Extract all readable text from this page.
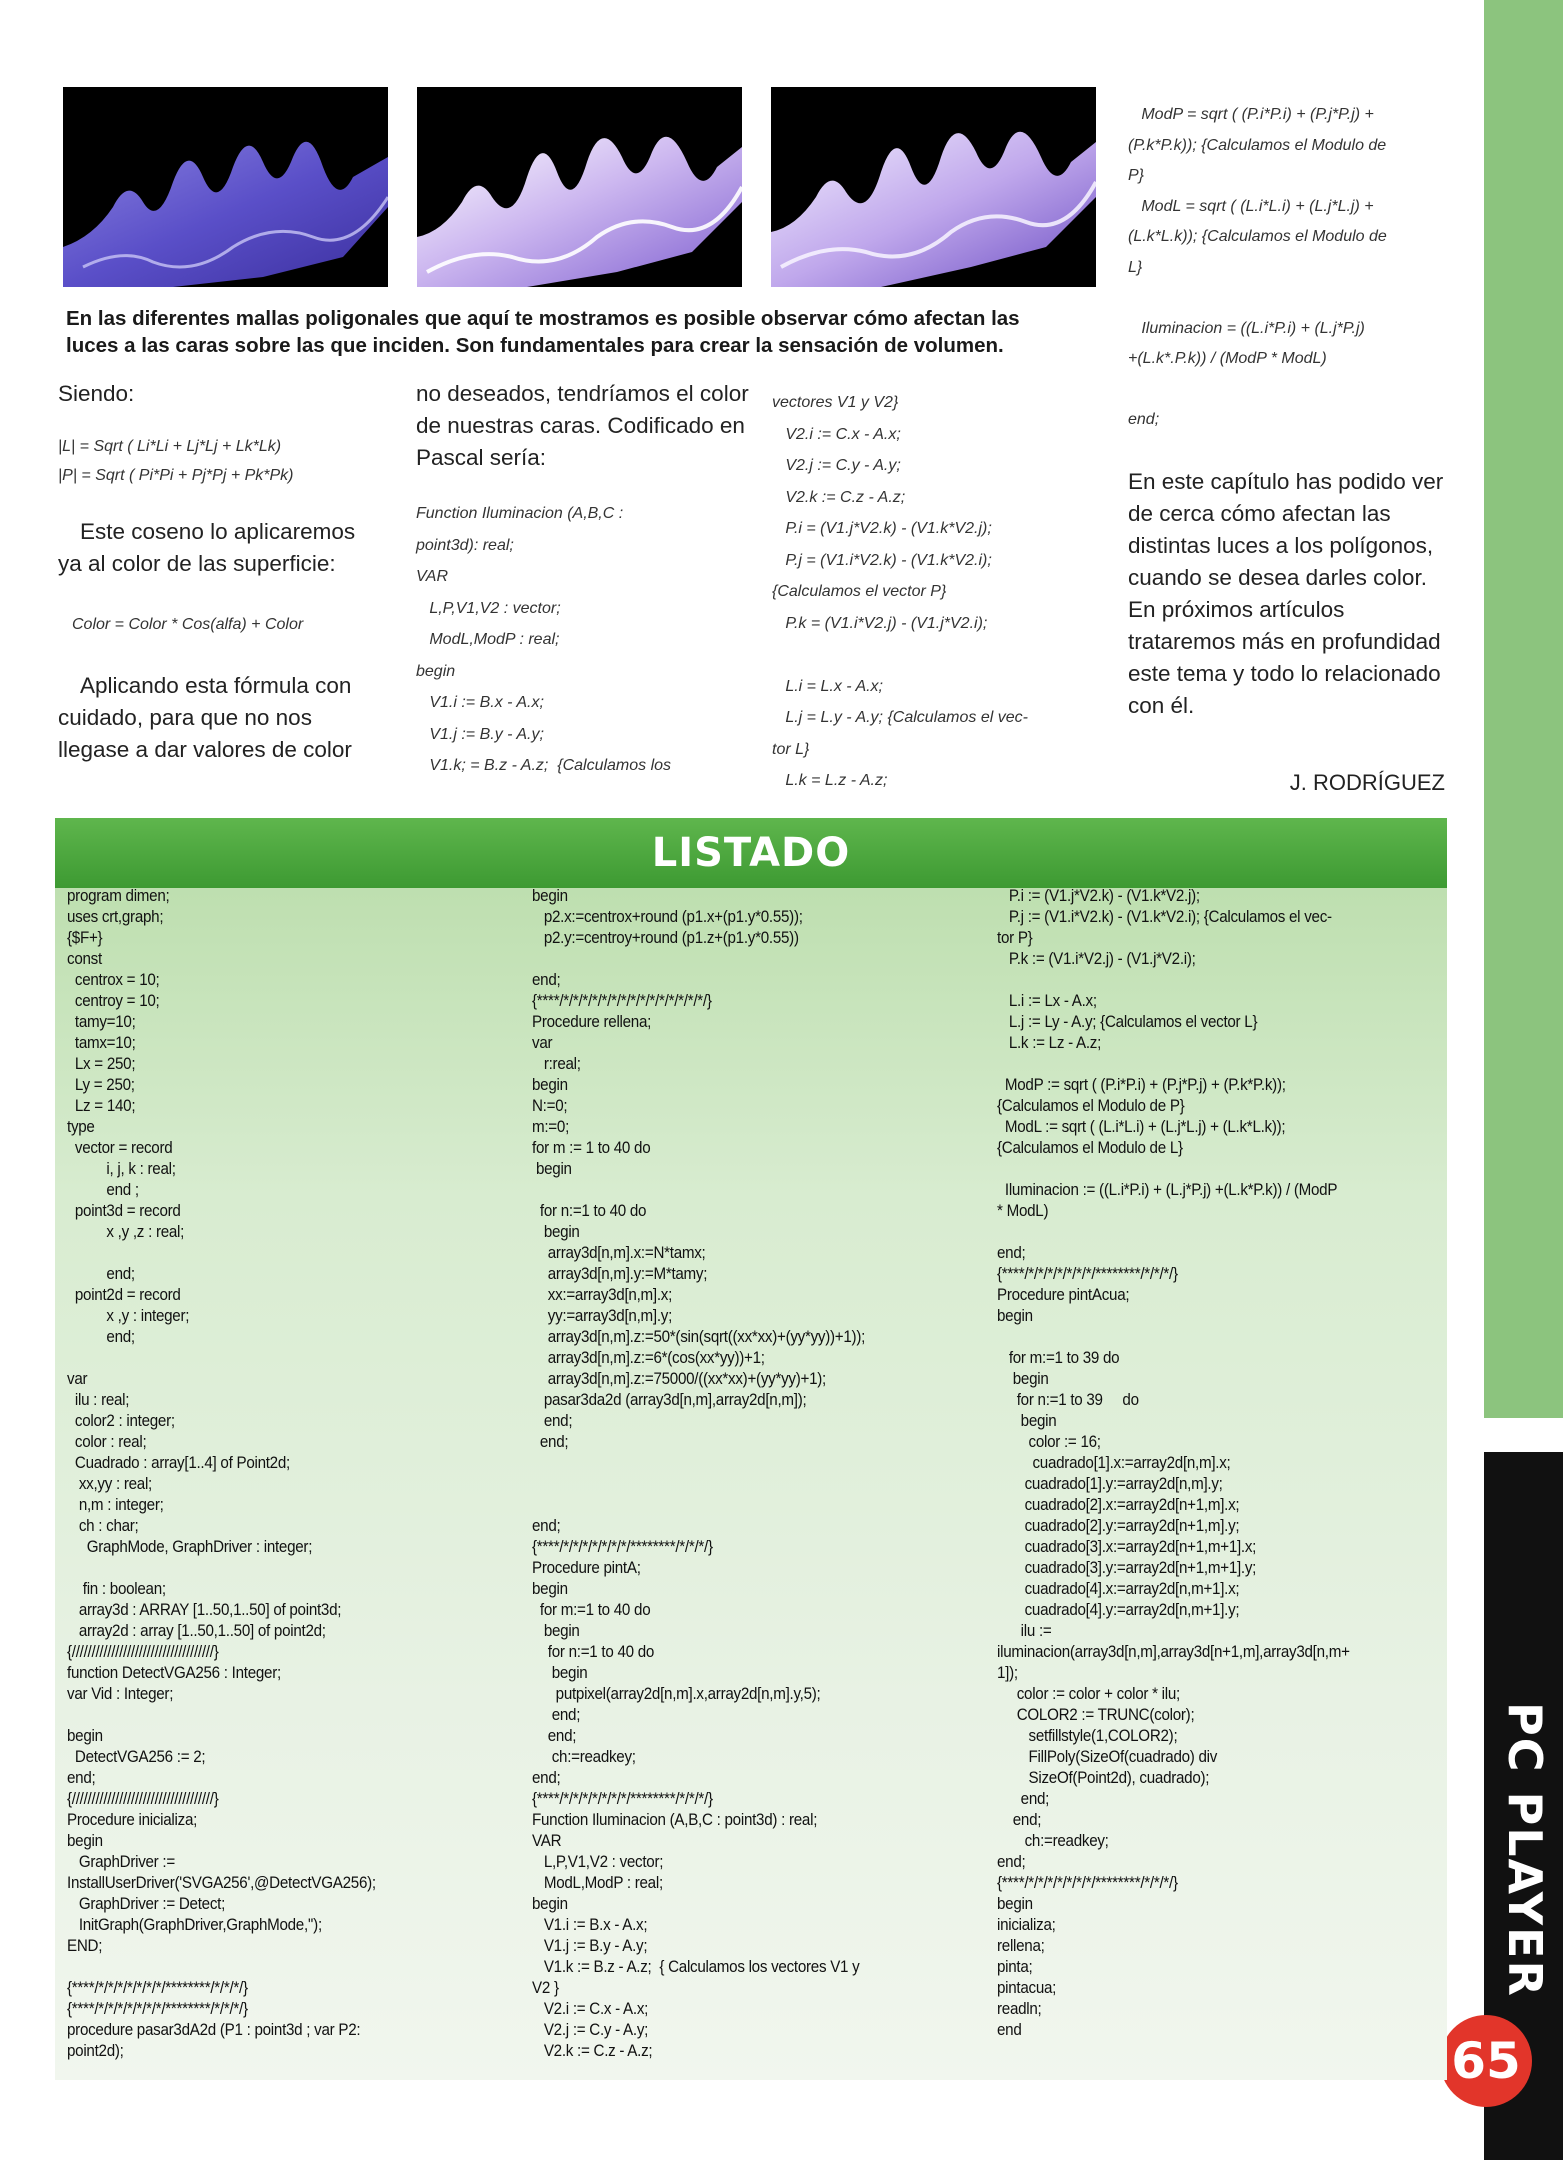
PC PLAYER
65
En las diferentes mallas poligonales que aquí te mostramos es posible observar cómo afectan las luces a las caras sobre las que inciden. Son fundamentales para crear la sensación de volumen.

Siendo:

|L| = Sqrt ( Li*Li + Lj*Lj + Lk*Lk)

|P| = Sqrt ( Pi*Pi + Pj*Pj + Pk*Pk)

Este coseno lo aplicaremos ya al color de las superficie:

Color = Color * Cos(alfa) + Color

Aplicando esta fórmula con cuidado, para que no nos llegase a dar valores de color

no deseados, tendríamos el color de nuestras caras. Codificado en Pascal sería:

Function Iluminacion (A,B,C :
point3d): real;
VAR
L,P,V1,V2 : vector;
ModL,ModP : real;
begin
V1.i := B.x - A.x;
V1.j := B.y - A.y;
V1.k; = B.z - A.z;  {Calculamos los
vectores V1 y V2}
V2.i := C.x - A.x;
V2.j := C.y - A.y;
V2.k := C.z - A.z;
P.i = (V1.j*V2.k) - (V1.k*V2.j);
P.j = (V1.i*V2.k) - (V1.k*V2.i);
{Calculamos el vector P}
P.k = (V1.i*V2.j) - (V1.j*V2.i);

L.i = L.x - A.x;
L.j = L.y - A.y; {Calculamos el vec-
tor L}
L.k = L.z - A.z;
ModP = sqrt ( (P.i*P.i) + (P.j*P.j) +
(P.k*P.k)); {Calculamos el Modulo de
P}
ModL = sqrt ( (L.i*L.i) + (L.j*L.j) +
(L.k*L.k)); {Calculamos el Modulo de
L}

Iluminacion = ((L.i*P.i) + (L.j*P.j)
+(L.k*.P.k)) / (ModP * ModL)

end;

En este capítulo has podido ver de cerca cómo afectan las distintas luces a los polígonos, cuando se desea darles color. En próximos artículos trataremos más en profundidad este tema y todo lo relacionado con él.

J. RODRÍGUEZ
LISTADO
program dimen;
uses crt,graph;
{$F+}
const
centrox = 10;
centroy = 10;
tamy=10;
tamx=10;
Lx = 250;
Ly = 250;
Lz = 140;
type
vector = record
i, j, k : real;
end ;
point3d = record
x ,y ,z : real;

end;
point2d = record
x ,y : integer;
end;

var
ilu : real;
color2 : integer;
color : real;
Cuadrado : array[1..4] of Point2d;
xx,yy : real;
n,m : integer;
ch : char;
GraphMode, GraphDriver : integer;

fin : boolean;
array3d : ARRAY [1..50,1..50] of point3d;
array2d : array [1..50,1..50] of point2d;
{////////////////////////////////////}
function DetectVGA256 : Integer;
var Vid : Integer;

begin
DetectVGA256 := 2;
end;
{////////////////////////////////////}
Procedure inicializa;
begin
GraphDriver :=
InstallUserDriver('SVGA256',@DetectVGA256);
GraphDriver := Detect;
InitGraph(GraphDriver,GraphMode,'');
END;

{****/*/*/*/*/*/*/*/********/*/*/*/}
{****/*/*/*/*/*/*/*/********/*/*/*/}
procedure pasar3dA2d (P1 : point3d ; var P2:
point2d);
begin
p2.x:=centrox+round (p1.x+(p1.y*0.55));
p2.y:=centroy+round (p1.z+(p1.y*0.55))

end;
{****/*/*/*/*/*/*/*/*/*/*/*/*/*/*/*/}
Procedure rellena;
var
r:real;
begin
N:=0;
m:=0;
for m := 1 to 40 do
begin

for n:=1 to 40 do
begin
array3d[n,m].x:=N*tamx;
array3d[n,m].y:=M*tamy;
xx:=array3d[n,m].x;
yy:=array3d[n,m].y;
array3d[n,m].z:=50*(sin(sqrt((xx*xx)+(yy*yy))+1));
array3d[n,m].z:=6*(cos(xx*yy))+1;
array3d[n,m].z:=75000/((xx*xx)+(yy*yy)+1);
pasar3da2d (array3d[n,m],array2d[n,m]);
end;
end;

end;
{****/*/*/*/*/*/*/*/********/*/*/*/}
Procedure pintA;
begin
for m:=1 to 40 do
begin
for n:=1 to 40 do
begin
putpixel(array2d[n,m].x,array2d[n,m].y,5);
end;
end;
ch:=readkey;
end;
{****/*/*/*/*/*/*/*/********/*/*/*/}
Function Iluminacion (A,B,C : point3d) : real;
VAR
L,P,V1,V2 : vector;
ModL,ModP : real;
begin
V1.i := B.x - A.x;
V1.j := B.y - A.y;
V1.k := B.z - A.z;  { Calculamos los vectores V1 y
V2 }
V2.i := C.x - A.x;
V2.j := C.y - A.y;
V2.k := C.z - A.z;
P.i := (V1.j*V2.k) - (V1.k*V2.j);
P.j := (V1.i*V2.k) - (V1.k*V2.i); {Calculamos el vec-
tor P}
P.k := (V1.i*V2.j) - (V1.j*V2.i);

L.i := Lx - A.x;
L.j := Ly - A.y; {Calculamos el vector L}
L.k := Lz - A.z;

ModP := sqrt ( (P.i*P.i) + (P.j*P.j) + (P.k*P.k));
{Calculamos el Modulo de P}
ModL := sqrt ( (L.i*L.i) + (L.j*L.j) + (L.k*L.k));
{Calculamos el Modulo de L}

Iluminacion := ((L.i*P.i) + (L.j*P.j) +(L.k*P.k)) / (ModP
* ModL)

end;
{****/*/*/*/*/*/*/*/********/*/*/*/}
Procedure pintAcua;
begin

for m:=1 to 39 do
begin
for n:=1 to 39     do
begin
color := 16;
cuadrado[1].x:=array2d[n,m].x;
cuadrado[1].y:=array2d[n,m].y;
cuadrado[2].x:=array2d[n+1,m].x;
cuadrado[2].y:=array2d[n+1,m].y;
cuadrado[3].x:=array2d[n+1,m+1].x;
cuadrado[3].y:=array2d[n+1,m+1].y;
cuadrado[4].x:=array2d[n,m+1].x;
cuadrado[4].y:=array2d[n,m+1].y;
ilu :=
iluminacion(array3d[n,m],array3d[n+1,m],array3d[n,m+
1]);
color := color + color * ilu;
COLOR2 := TRUNC(color);
setfillstyle(1,COLOR2);
FillPoly(SizeOf(cuadrado) div
SizeOf(Point2d), cuadrado);
end;
end;
ch:=readkey;
end;
{****/*/*/*/*/*/*/*/********/*/*/*/}
begin
inicializa;
rellena;
pinta;
pintacua;
readln;
end
